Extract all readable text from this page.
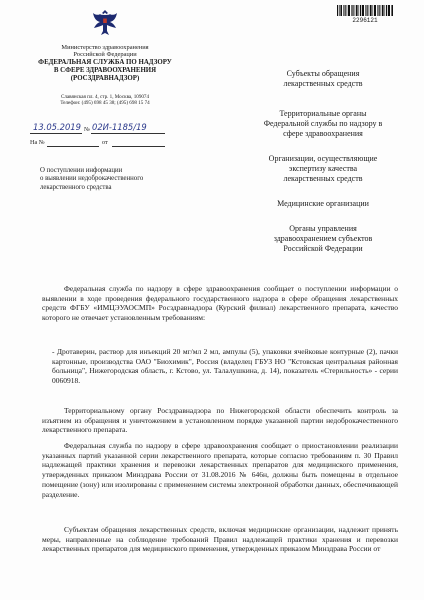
Министерство здравоохранения
Российской Федерации
ФЕДЕРАЛЬНАЯ СЛУЖБА ПО НАДЗОРУ
В СФЕРЕ ЗДРАВООХРАНЕНИЯ
(РОСЗДРАВНАДЗОР)
Славянская пл. 4, стр. 1, Москва, 109074
Телефон: (495) 698 45 38; (495) 698 15 74
2296121
13.05.2019 № 02И-1185/19
На №	от
О поступлении информации
о выявлении недоброкачественного
лекарственного средства
Субъекты обращения
лекарственных средств
Территориальные органы
Федеральной службы по надзору в
сфере здравоохранения
Организации, осуществляющие
экспертизу качества
лекарственных средств
Медицинские организации
Органы управления
здравоохранением субъектов
Российской Федерации

Федеральная служба по надзору в сфере здравоохранения сообщает о поступлении информации о выявлении в ходе проведения федерального государственного надзора в сфере обращения лекарственных средств ФГБУ «ИМЦЭУАОСМП» Росздравнадзора (Курский филиал) лекарственного препарата, качество которого не отвечает установленным требованиям:

- Дротаверин, раствор для инъекций 20 мг/мл 2 мл, ампулы (5), упаковки ячейковые контурные (2), пачки картонные, производства ОАО "Биохимик", Россия (владелец ГБУЗ НО "Кстовская центральная районная больница", Нижегородская область, г. Кстово, ул. Талалушкина, д. 14), показатель «Стерильность» - серии 0060918.

Территориальному органу Росздравнадзора по Нижегородской области обеспечить контроль за изъятием из обращения и уничтожением в установленном порядке указанной партии недоброкачественного лекарственного препарата.

Федеральная служба по надзору в сфере здравоохранения сообщает о приостановлении реализации указанных партий указанной серии лекарственного препарата, которые согласно требованиям п. 30 Правил надлежащей практики хранения и перевозки лекарственных препаратов для медицинского применения, утвержденных приказом Минздрава России от 31.08.2016 № 646н, должны быть помещены в отдельное помещение (зону) или изолированы с применением системы электронной обработки данных, обеспечивающей разделение.

Субъектам обращения лекарственных средств, включая медицинские организации, надлежит принять меры, направленные на соблюдение требований Правил надлежащей практики хранения и перевозки лекарственных препаратов для медицинского применения, утвержденных приказом Минздрава России от
